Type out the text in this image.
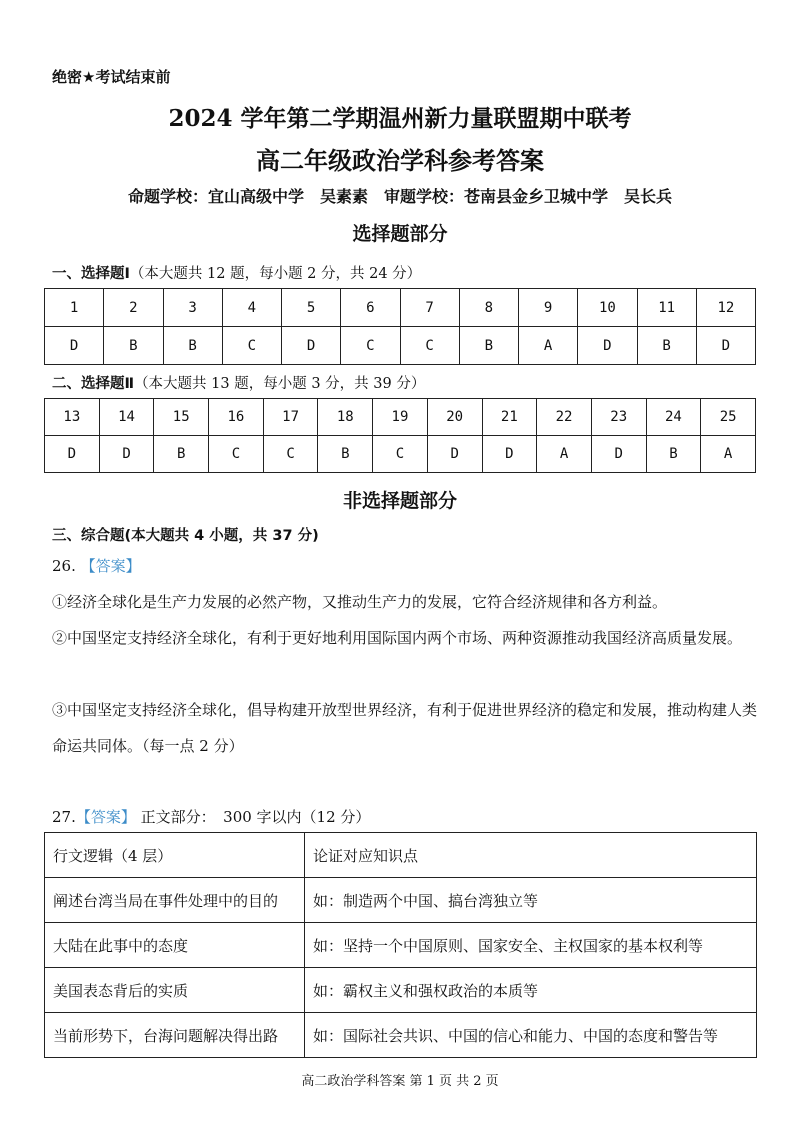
绝密★考试结束前
2024 学年第二学期温州新力量联盟期中联考
高二年级政治学科参考答案
命题学校：宜山高级中学　吴素素　审题学校：苍南县金乡卫城中学　吴长兵
选择题部分
一、选择题Ⅰ（本大题共 12 题，每小题 2 分，共 24 分）
1	2	3	4	5	6	7	8	9	10	11	12
D	B	B	C	D	C	C	B	A	D	B	D
二、选择题Ⅱ（本大题共 13 题，每小题 3 分，共 39 分）
13	14	15	16	17	18	19	20	21	22	23	24	25
D	D	B	C	C	B	C	D	D	A	D	B	A
非选择题部分
三、综合题(本大题共 4 小题，共 37 分)
26. 【答案】
①经济全球化是生产力发展的必然产物，又推动生产力的发展，它符合经济规律和各方利益。
②中国坚定支持经济全球化，有利于更好地利用国际国内两个市场、两种资源推动我国经济高质量发展。
③中国坚定支持经济全球化，倡导构建开放型世界经济，有利于促进世界经济的稳定和发展，推动构建人类命运共同体。（每一点 2 分）
27.【答案】 正文部分：　300 字以内（12 分）
行文逻辑（4 层）	论证对应知识点
阐述台湾当局在事件处理中的目的	如：制造两个中国、搞台湾独立等
大陆在此事中的态度	如：坚持一个中国原则、国家安全、主权国家的基本权利等
美国表态背后的实质	如：霸权主义和强权政治的本质等
当前形势下，台海问题解决得出路	如：国际社会共识、中国的信心和能力、中国的态度和警告等
高二政治学科答案 第 1 页 共 2 页
